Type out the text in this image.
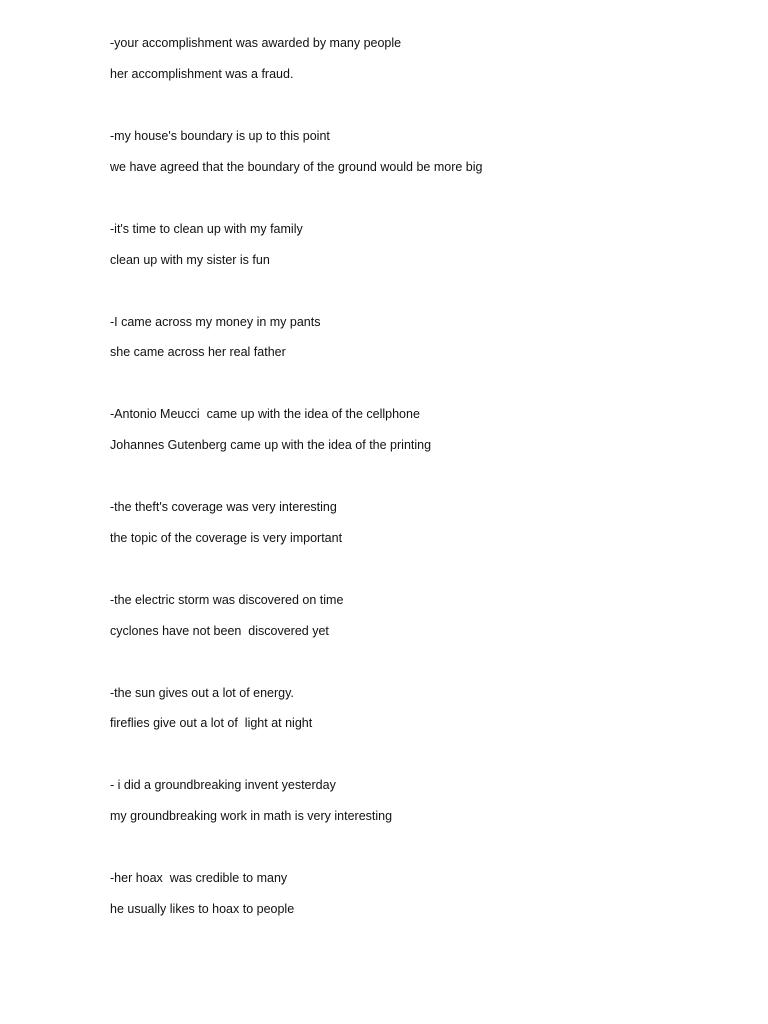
-your accomplishment was awarded by many people
her accomplishment was a fraud.
-my house's boundary is up to this point
we have agreed that the boundary of the ground would be more big
-it's time to clean up with my family
clean up with my sister is fun
-I came across my money in my pants
she came across her real father
-Antonio Meucci  came up with the idea of the cellphone
Johannes Gutenberg came up with the idea of the printing
-the theft's coverage was very interesting
the topic of the coverage is very important
-the electric storm was discovered on time
cyclones have not been  discovered yet
-the sun gives out a lot of energy.
fireflies give out a lot of  light at night
- i did a groundbreaking invent yesterday
my groundbreaking work in math is very interesting
-her hoax  was credible to many
he usually likes to hoax to people
